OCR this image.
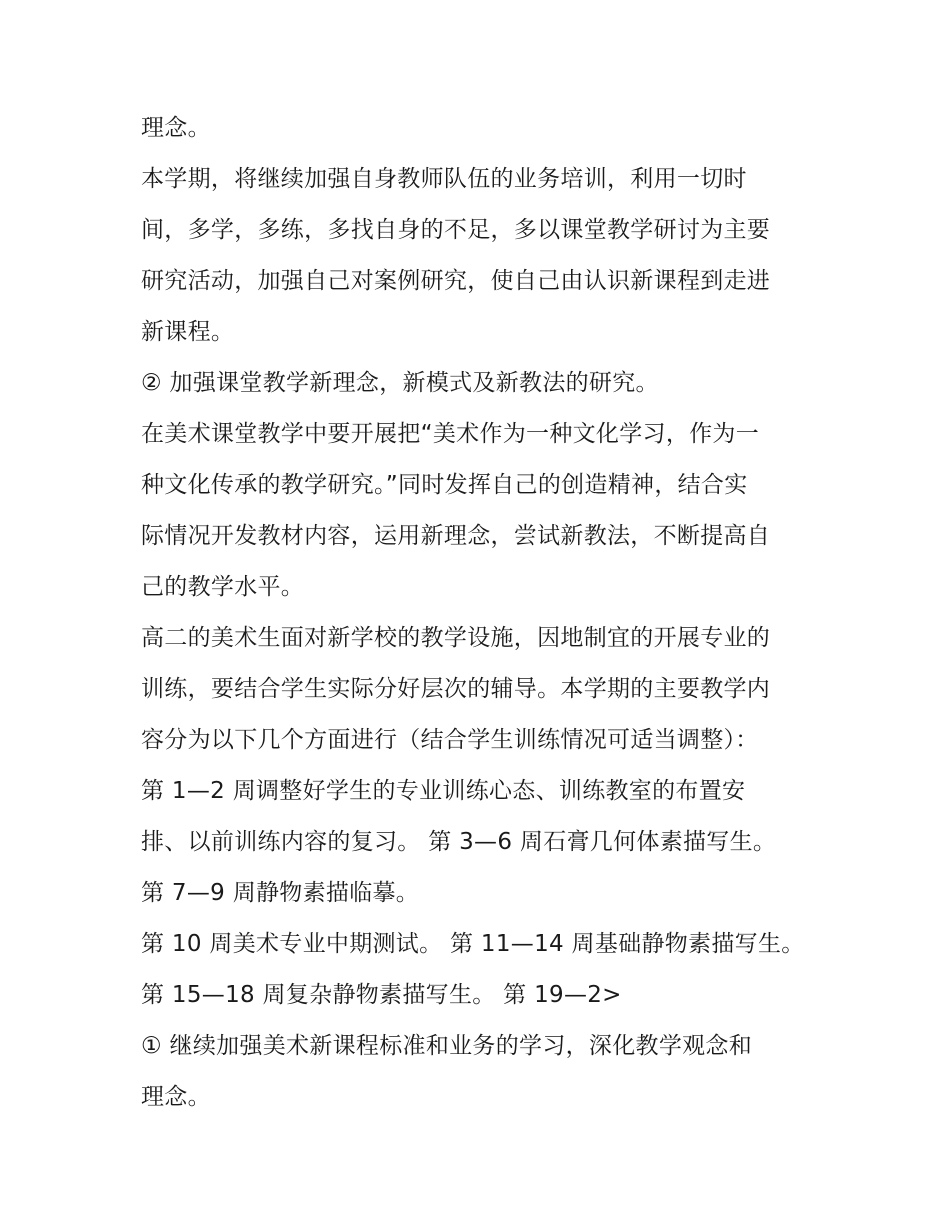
理念。
本学期，将继续加强自身教师队伍的业务培训，利用一切时
间，多学，多练，多找自身的不足，多以课堂教学研讨为主要
研究活动，加强自己对案例研究，使自己由认识新课程到走进
新课程。
② 加强课堂教学新理念，新模式及新教法的研究。
在美术课堂教学中要开展把“美术作为一种文化学习，作为一
种文化传承的教学研究。”同时发挥自己的创造精神，结合实
际情况开发教材内容，运用新理念，尝试新教法，不断提高自
己的教学水平。
高二的美术生面对新学校的教学设施，因地制宜的开展专业的
训练，要结合学生实际分好层次的辅导。本学期的主要教学内
容分为以下几个方面进行（结合学生训练情况可适当调整）：
第 1—2 周调整好学生的专业训练心态、训练教室的布置安
排、以前训练内容的复习。 第 3—6 周石膏几何体素描写生。
第 7—9 周静物素描临摹。
第 10 周美术专业中期测试。 第 11—14 周基础静物素描写生。
第 15—18 周复杂静物素描写生。 第 19—2>
① 继续加强美术新课程标准和业务的学习，深化教学观念和
理念。
